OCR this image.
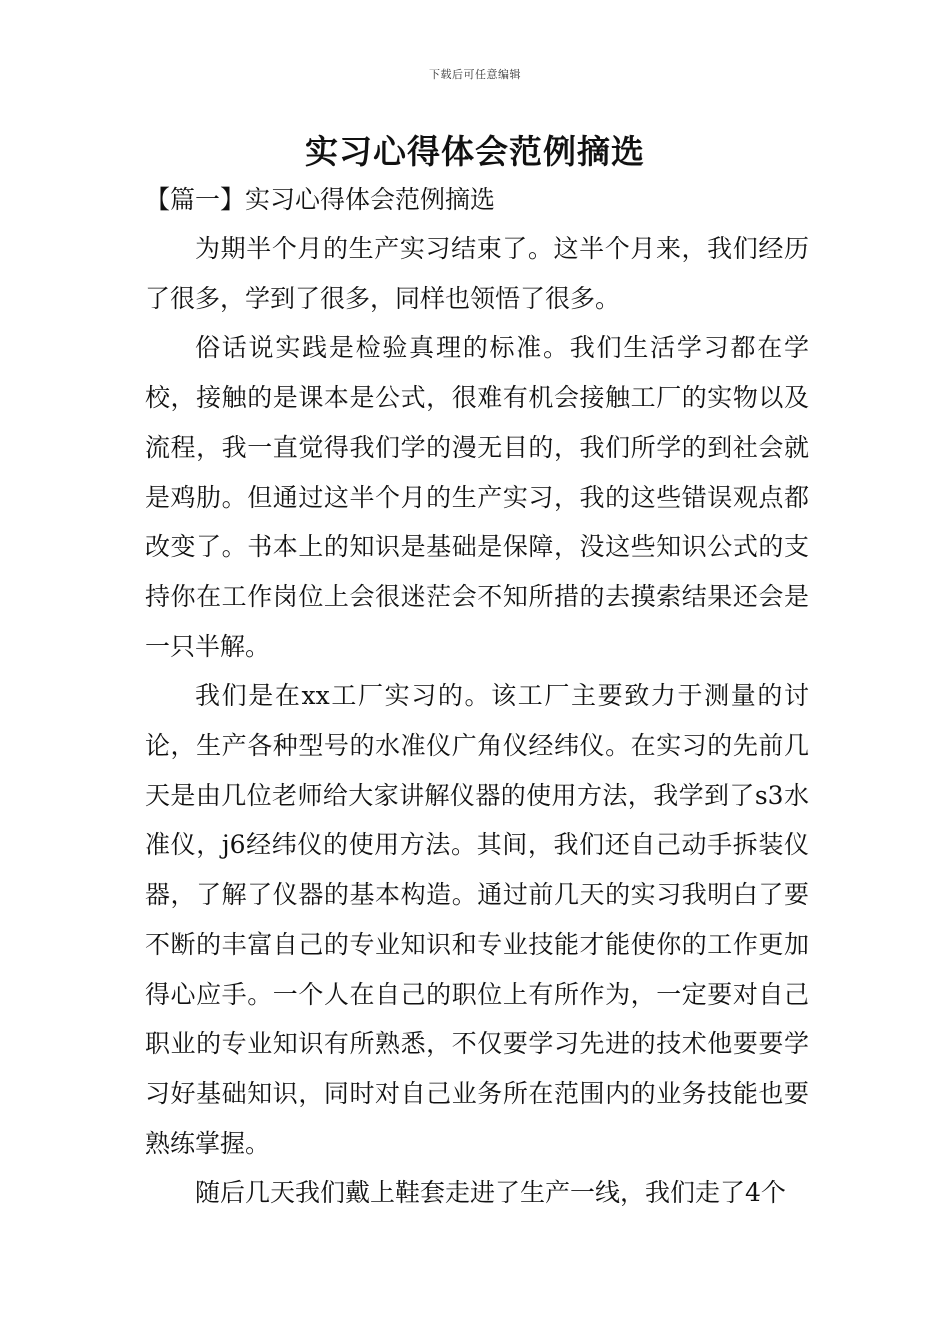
下载后可任意编辑
实习心得体会范例摘选
【篇一】实习心得体会范例摘选

为期半个月的生产实习结束了。这半个月来，我们经历了很多，学到了很多，同样也领悟了很多。

俗话说实践是检验真理的标准。我们生活学习都在学校，接触的是课本是公式，很难有机会接触工厂的实物以及流程，我一直觉得我们学的漫无目的，我们所学的到社会就是鸡肋。但通过这半个月的生产实习，我的这些错误观点都改变了。书本上的知识是基础是保障，没这些知识公式的支持你在工作岗位上会很迷茫会不知所措的去摸索结果还会是一只半解。

我们是在xx工厂实习的。该工厂主要致力于测量的讨论，生产各种型号的水准仪广角仪经纬仪。在实习的先前几天是由几位老师给大家讲解仪器的使用方法，我学到了s3水准仪，j6经纬仪的使用方法。其间，我们还自己动手拆装仪器，了解了仪器的基本构造。通过前几天的实习我明白了要不断的丰富自己的专业知识和专业技能才能使你的工作更加得心应手。一个人在自己的职位上有所作为，一定要对自己职业的专业知识有所熟悉，不仅要学习先进的技术他要要学习好基础知识，同时对自己业务所在范围内的业务技能也要熟练掌握。

随后几天我们戴上鞋套走进了生产一线，我们走了4个
